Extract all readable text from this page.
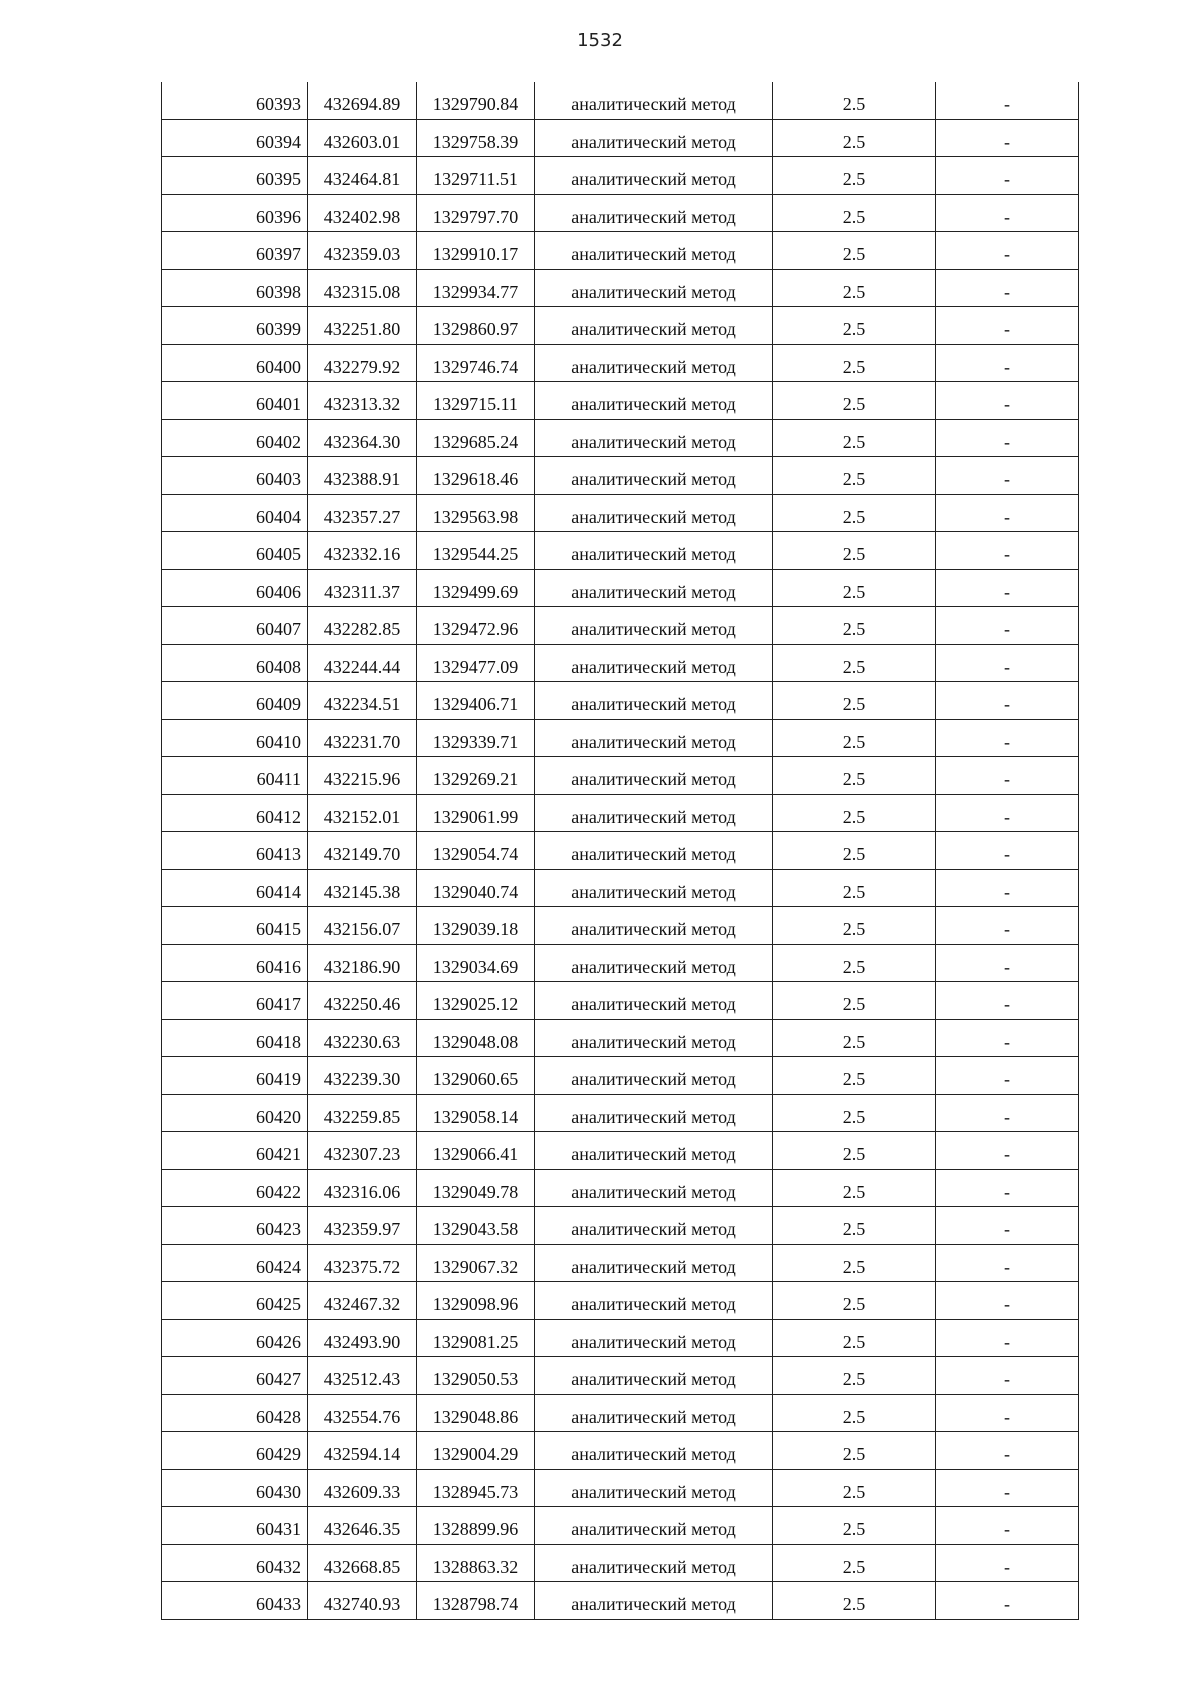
1532
60393	432694.89	1329790.84	аналитический метод	2.5	-
60394	432603.01	1329758.39	аналитический метод	2.5	-
60395	432464.81	1329711.51	аналитический метод	2.5	-
60396	432402.98	1329797.70	аналитический метод	2.5	-
60397	432359.03	1329910.17	аналитический метод	2.5	-
60398	432315.08	1329934.77	аналитический метод	2.5	-
60399	432251.80	1329860.97	аналитический метод	2.5	-
60400	432279.92	1329746.74	аналитический метод	2.5	-
60401	432313.32	1329715.11	аналитический метод	2.5	-
60402	432364.30	1329685.24	аналитический метод	2.5	-
60403	432388.91	1329618.46	аналитический метод	2.5	-
60404	432357.27	1329563.98	аналитический метод	2.5	-
60405	432332.16	1329544.25	аналитический метод	2.5	-
60406	432311.37	1329499.69	аналитический метод	2.5	-
60407	432282.85	1329472.96	аналитический метод	2.5	-
60408	432244.44	1329477.09	аналитический метод	2.5	-
60409	432234.51	1329406.71	аналитический метод	2.5	-
60410	432231.70	1329339.71	аналитический метод	2.5	-
60411	432215.96	1329269.21	аналитический метод	2.5	-
60412	432152.01	1329061.99	аналитический метод	2.5	-
60413	432149.70	1329054.74	аналитический метод	2.5	-
60414	432145.38	1329040.74	аналитический метод	2.5	-
60415	432156.07	1329039.18	аналитический метод	2.5	-
60416	432186.90	1329034.69	аналитический метод	2.5	-
60417	432250.46	1329025.12	аналитический метод	2.5	-
60418	432230.63	1329048.08	аналитический метод	2.5	-
60419	432239.30	1329060.65	аналитический метод	2.5	-
60420	432259.85	1329058.14	аналитический метод	2.5	-
60421	432307.23	1329066.41	аналитический метод	2.5	-
60422	432316.06	1329049.78	аналитический метод	2.5	-
60423	432359.97	1329043.58	аналитический метод	2.5	-
60424	432375.72	1329067.32	аналитический метод	2.5	-
60425	432467.32	1329098.96	аналитический метод	2.5	-
60426	432493.90	1329081.25	аналитический метод	2.5	-
60427	432512.43	1329050.53	аналитический метод	2.5	-
60428	432554.76	1329048.86	аналитический метод	2.5	-
60429	432594.14	1329004.29	аналитический метод	2.5	-
60430	432609.33	1328945.73	аналитический метод	2.5	-
60431	432646.35	1328899.96	аналитический метод	2.5	-
60432	432668.85	1328863.32	аналитический метод	2.5	-
60433	432740.93	1328798.74	аналитический метод	2.5	-
